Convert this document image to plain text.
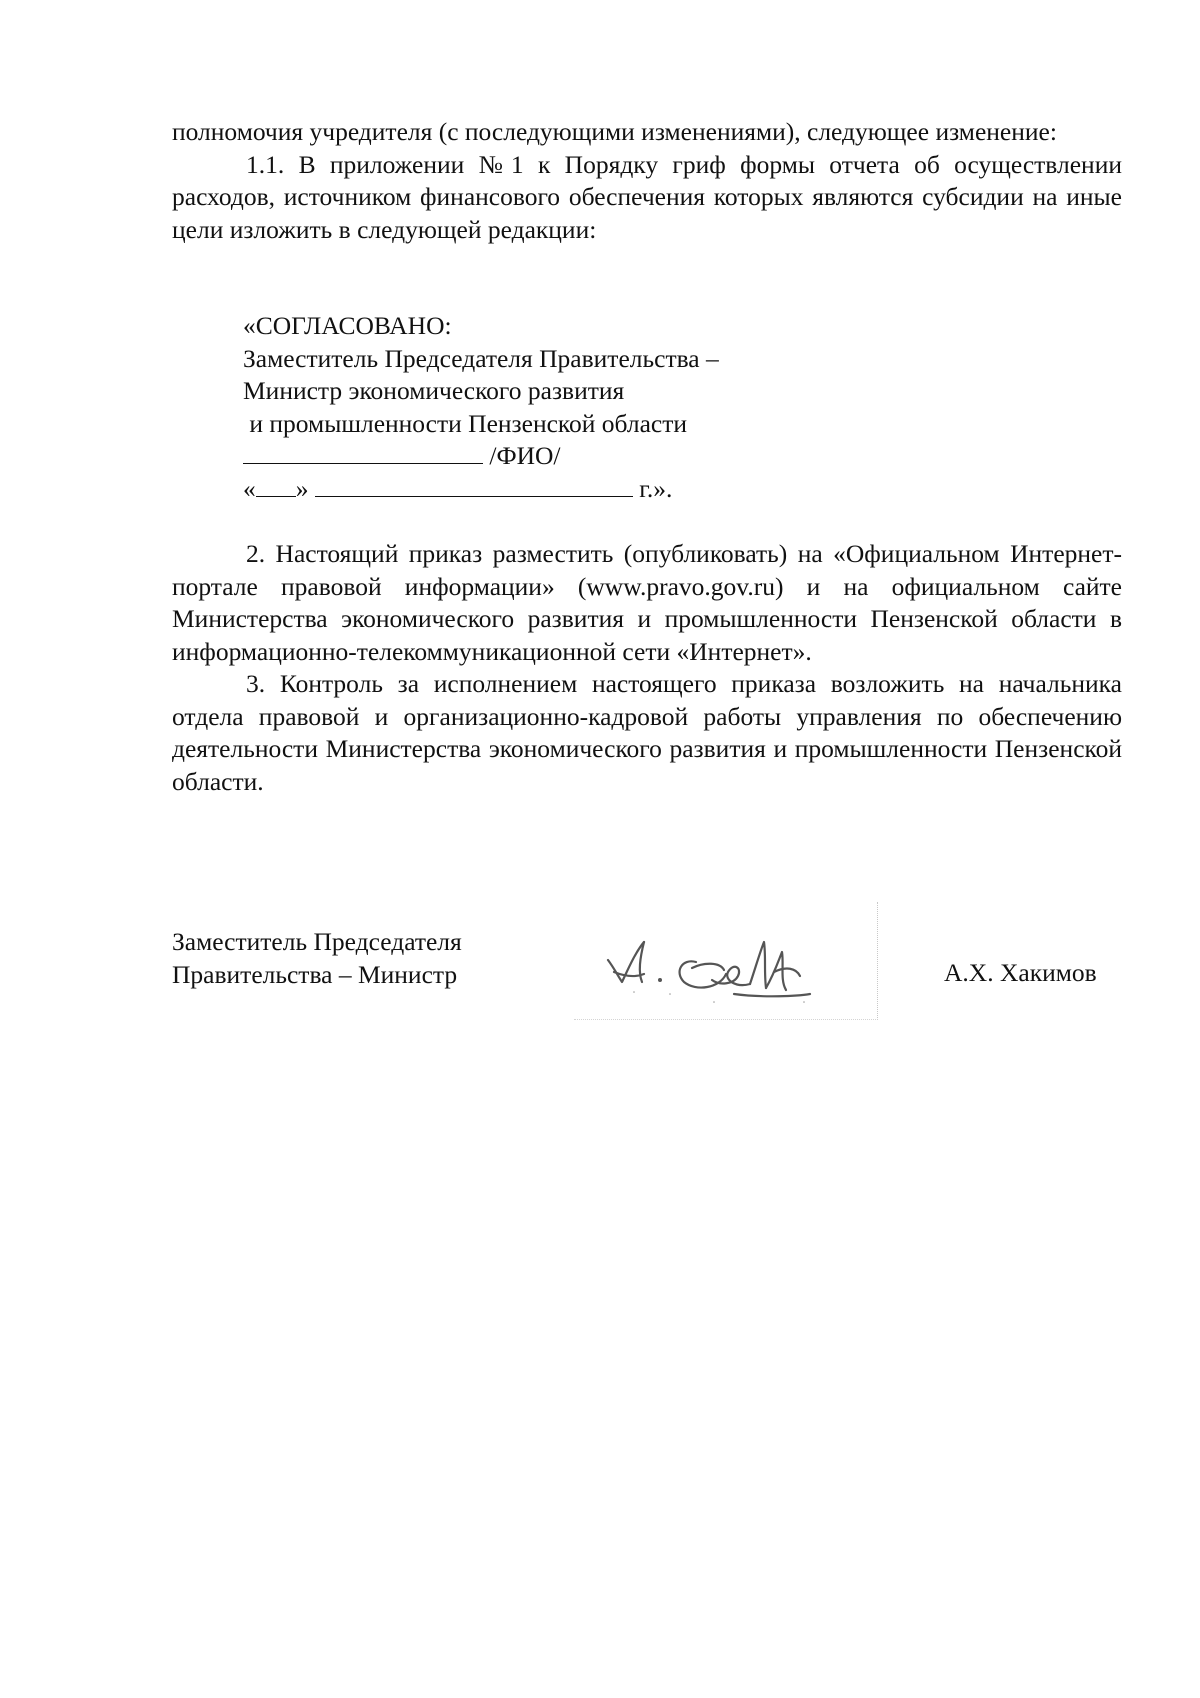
полномочия учредителя (с последующими изменениями), следующее изменение:

1.1. В приложении №1 к Порядку гриф формы отчета об осуществлении расходов, источником финансового обеспечения которых являются субсидии на иные цели изложить в следующей редакции:

«СОГЛАСОВАНО:

Заместитель Председателя Правительства –

Министр экономического развития

и промышленности Пензенской области

/ФИО/

« »	г.».

2. Настоящий приказ разместить (опубликовать) на «Официальном Интернет-портале правовой информации» (www.pravo.gov.ru) и на официальном сайте Министерства экономического развития и промышленности Пензенской области в информационно-телекоммуникационной сети «Интернет».

3. Контроль за исполнением настоящего приказа возложить на начальника отдела правовой и организационно-кадровой работы управления по обеспечению деятельности Министерства экономического развития и промышленности Пензенской области.

Заместитель Председателя

Правительства – Министр	А.Х. Хакимов
